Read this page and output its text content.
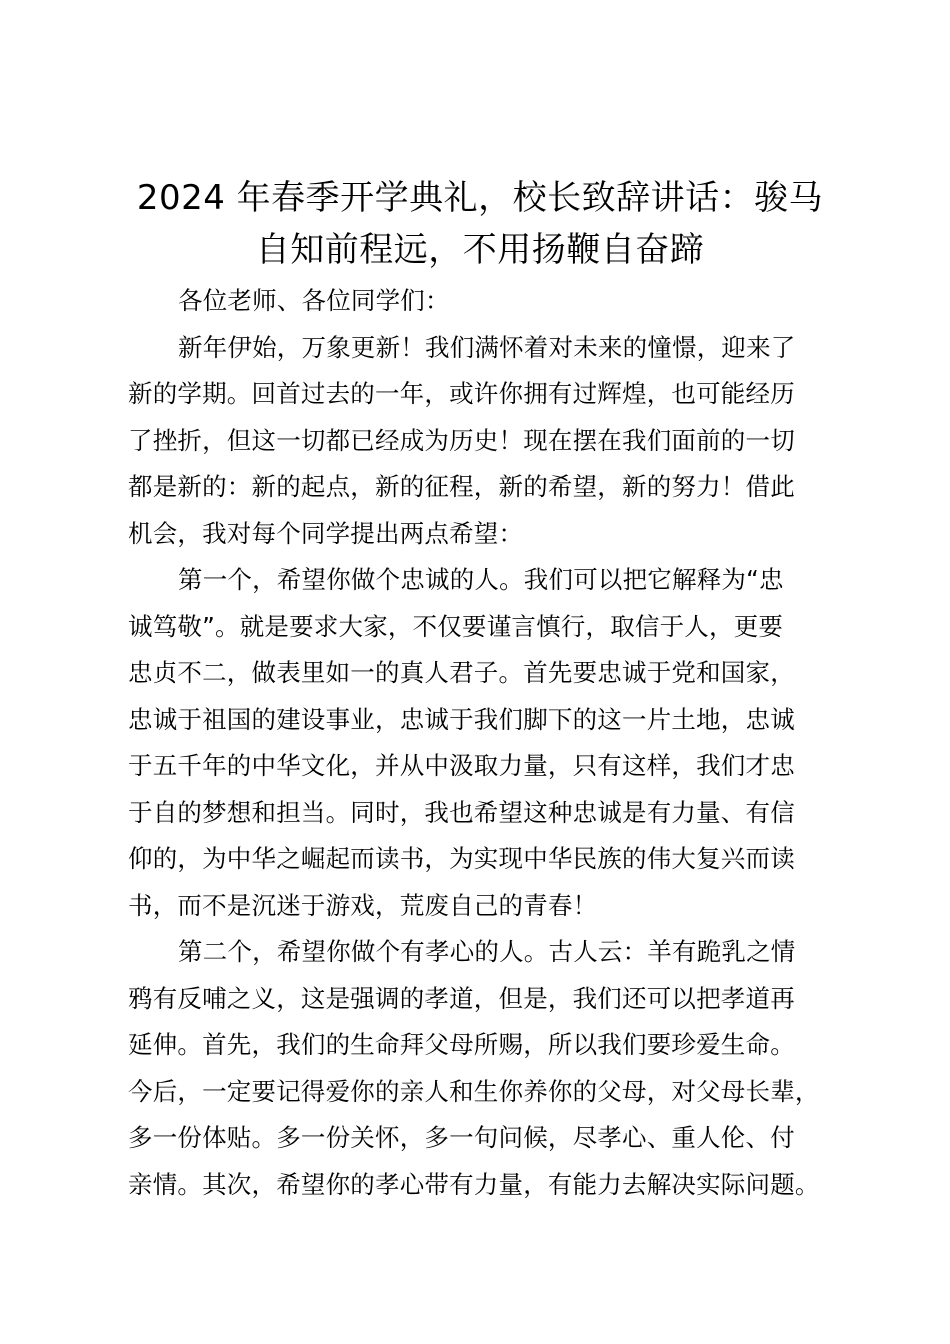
2024 年春季开学典礼，校长致辞讲话：骏马
自知前程远，不用扬鞭自奋蹄
各位老师、各位同学们：
新年伊始，万象更新！我们满怀着对未来的憧憬，迎来了
新的学期。回首过去的一年，或许你拥有过辉煌，也可能经历
了挫折，但这一切都已经成为历史！现在摆在我们面前的一切
都是新的：新的起点，新的征程，新的希望，新的努力！借此
机会，我对每个同学提出两点希望：
第一个，希望你做个忠诚的人。我们可以把它解释为“忠
诚笃敬”。就是要求大家，不仅要谨言慎行，取信于人，更要
忠贞不二，做表里如一的真人君子。首先要忠诚于党和国家，
忠诚于祖国的建设事业，忠诚于我们脚下的这一片土地，忠诚
于五千年的中华文化，并从中汲取力量，只有这样，我们才忠
于自的梦想和担当。同时，我也希望这种忠诚是有力量、有信
仰的，为中华之崛起而读书，为实现中华民族的伟大复兴而读
书，而不是沉迷于游戏，荒废自己的青春！
第二个，希望你做个有孝心的人。古人云：羊有跪乳之情
鸦有反哺之义，这是强调的孝道，但是，我们还可以把孝道再
延伸。首先，我们的生命拜父母所赐，所以我们要珍爱生命。
今后，一定要记得爱你的亲人和生你养你的父母，对父母长辈，
多一份体贴。多一份关怀，多一句问候，尽孝心、重人伦、付
亲情。其次，希望你的孝心带有力量，有能力去解决实际问题。
